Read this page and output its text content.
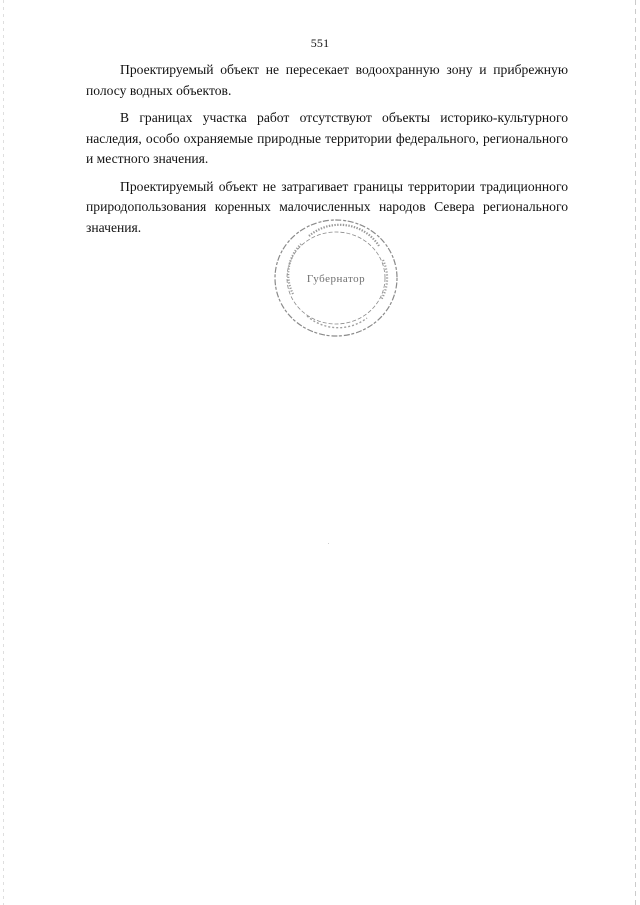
551

Проектируемый объект не пересекает водоохранную зону и прибрежную полосу водных объектов.

В границах участка работ отсутствуют объекты историко-культурного наследия, особо охраняемые природные территории федерального, регионального и местного значения.

Проектируемый объект не затрагивает границы территории традиционного природопользования коренных малочисленных народов Севера регионального значения.

Губернатор
